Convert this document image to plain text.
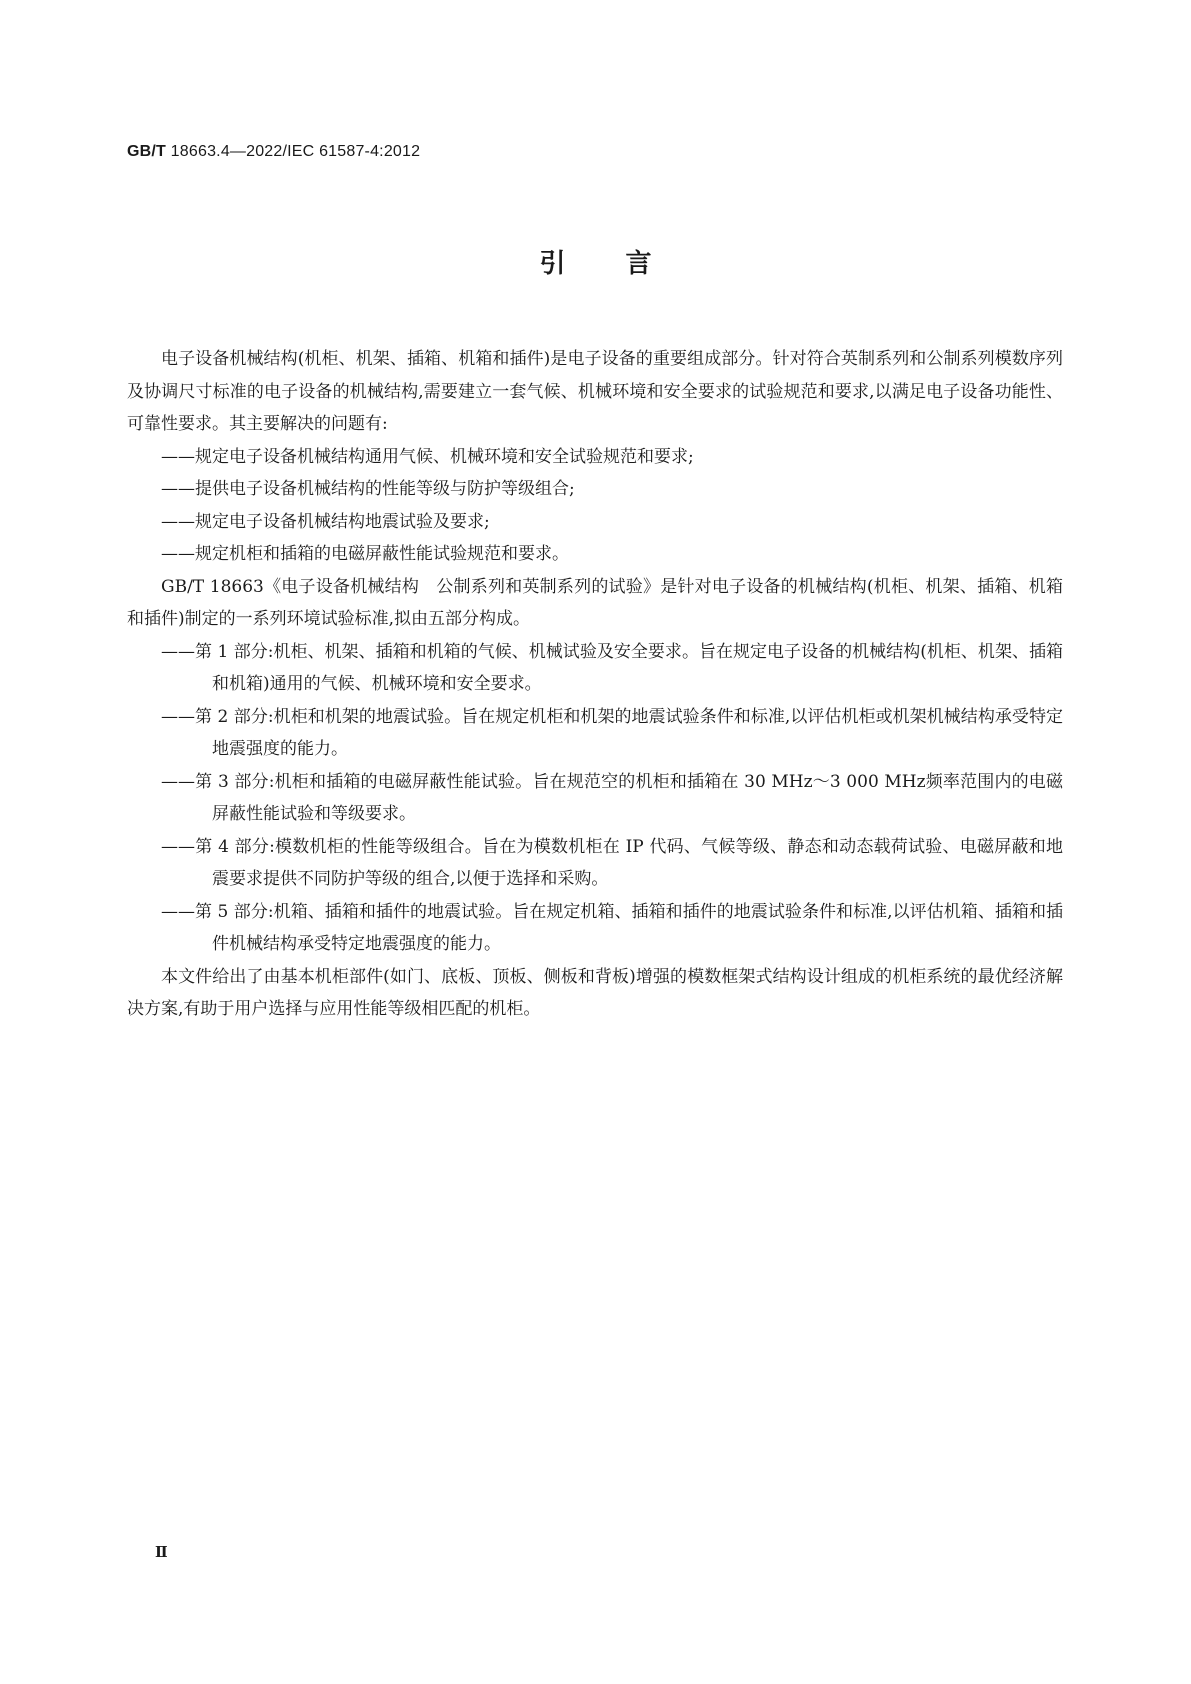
GB/T 18663.4—2022/IEC 61587-4:2012
引言

电子设备机械结构(机柜、机架、插箱、机箱和插件)是电子设备的重要组成部分。针对符合英制系列和公制系列模数序列及协调尺寸标准的电子设备的机械结构,需要建立一套气候、机械环境和安全要求的试验规范和要求,以满足电子设备功能性、可靠性要求。其主要解决的问题有:

——规定电子设备机械结构通用气候、机械环境和安全试验规范和要求;

——提供电子设备机械结构的性能等级与防护等级组合;

——规定电子设备机械结构地震试验及要求;

——规定机柜和插箱的电磁屏蔽性能试验规范和要求。

GB/T 18663《电子设备机械结构　公制系列和英制系列的试验》是针对电子设备的机械结构(机柜、机架、插箱、机箱和插件)制定的一系列环境试验标准,拟由五部分构成。

——第 1 部分:机柜、机架、插箱和机箱的气候、机械试验及安全要求。旨在规定电子设备的机械结构(机柜、机架、插箱和机箱)通用的气候、机械环境和安全要求。

——第 2 部分:机柜和机架的地震试验。旨在规定机柜和机架的地震试验条件和标准,以评估机柜或机架机械结构承受特定地震强度的能力。

——第 3 部分:机柜和插箱的电磁屏蔽性能试验。旨在规范空的机柜和插箱在 30 MHz～3 000 MHz频率范围内的电磁屏蔽性能试验和等级要求。

——第 4 部分:模数机柜的性能等级组合。旨在为模数机柜在 IP 代码、气候等级、静态和动态载荷试验、电磁屏蔽和地震要求提供不同防护等级的组合,以便于选择和采购。

——第 5 部分:机箱、插箱和插件的地震试验。旨在规定机箱、插箱和插件的地震试验条件和标准,以评估机箱、插箱和插件机械结构承受特定地震强度的能力。

本文件给出了由基本机柜部件(如门、底板、顶板、侧板和背板)增强的模数框架式结构设计组成的机柜系统的最优经济解决方案,有助于用户选择与应用性能等级相匹配的机柜。

Ⅱ
